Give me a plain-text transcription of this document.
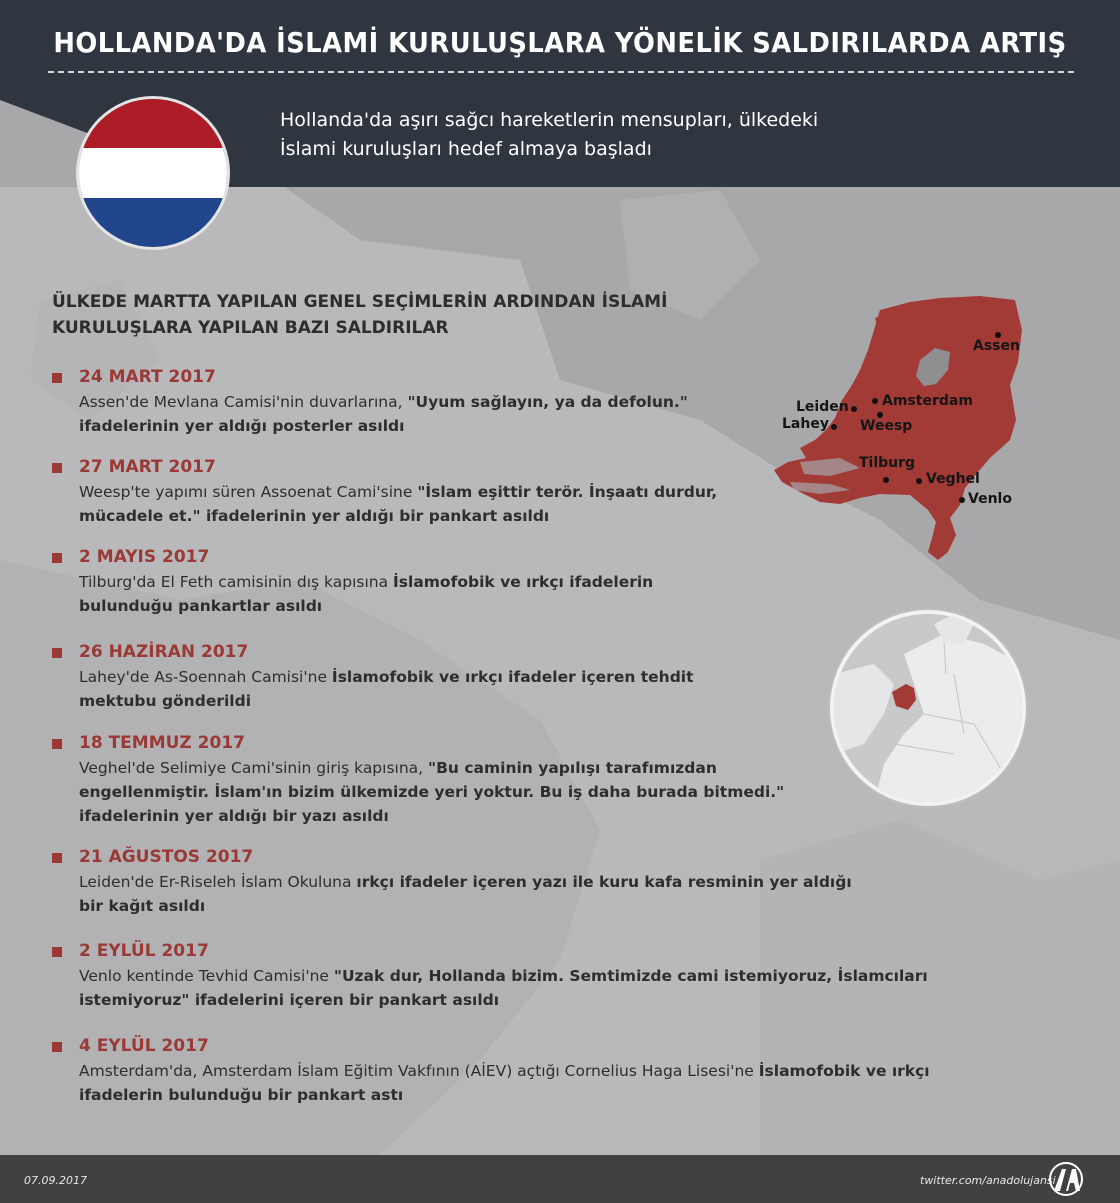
HOLLANDA'DA İSLAMİ KURULUŞLARA YÖNELİK SALDIRILARDA ARTIŞ
Hollanda'da aşırı sağcı hareketlerin mensupları, ülkedeki
İslami kuruluşları hedef almaya başladı
ÜLKEDE MARTTA YAPILAN GENEL SEÇİMLERİN ARDINDAN İSLAMİ
KURULUŞLARA YAPILAN BAZI SALDIRILAR
24 MART 2017
Assen'de Mevlana Camisi'nin duvarlarına, "Uyum sağlayın, ya da defolun."
ifadelerinin yer aldığı posterler asıldı
27 MART 2017
Weesp'te yapımı süren Assoenat Cami'sine "İslam eşittir terör. İnşaatı durdur,
mücadele et." ifadelerinin yer aldığı bir pankart asıldı
2 MAYIS 2017
Tilburg'da El Feth camisinin dış kapısına İslamofobik ve ırkçı ifadelerin
bulunduğu pankartlar asıldı
26 HAZİRAN 2017
Lahey'de As-Soennah Camisi'ne İslamofobik ve ırkçı ifadeler içeren tehdit
mektubu gönderildi
18 TEMMUZ 2017
Veghel'de Selimiye Cami'sinin giriş kapısına, "Bu caminin yapılışı tarafımızdan
engellenmiştir. İslam'ın bizim ülkemizde yeri yoktur. Bu iş daha burada bitmedi."
ifadelerinin yer aldığı bir yazı asıldı
21 AĞUSTOS 2017
Leiden'de Er-Riseleh İslam Okuluna ırkçı ifadeler içeren yazı ile kuru kafa resminin yer aldığı
bir kağıt asıldı
2 EYLÜL 2017
Venlo kentinde Tevhid Camisi'ne "Uzak dur, Hollanda bizim. Semtimizde cami istemiyoruz, İslamcıları
istemiyoruz" ifadelerini içeren bir pankart asıldı
4 EYLÜL 2017
Amsterdam'da, Amsterdam İslam Eğitim Vakfının (AİEV) açtığı Cornelius Haga Lisesi'ne İslamofobik ve ırkçı
ifadelerin bulunduğu bir pankart astı
Assen
Amsterdam
Leiden
Lahey Weesp
Tilburg
Veghel
Venlo
07.09.2017	twitter.com/anadolujansi
